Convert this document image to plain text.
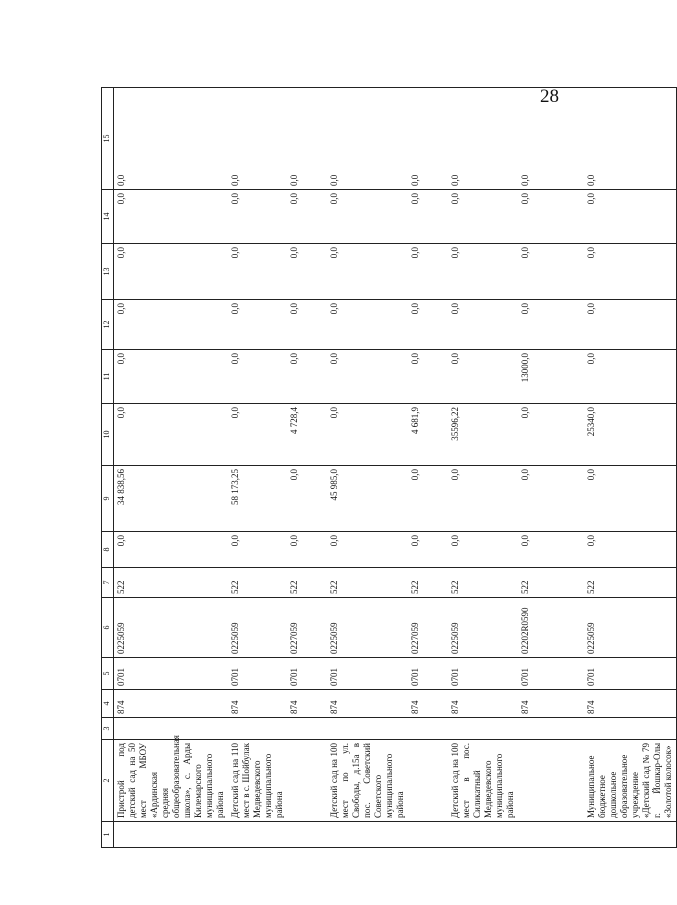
28
1	2	3	4	5	6	7	8	9	10	11	12	13	14	15
	Пристрой под детский сад на 50 мест МБОУ «Ардинская средняя общеобразовательная школа», с. Арды Килемарского муниципального района		874	0701	0225059	522	0,0	34 838,56	0,0	0,0	0,0	0,0	0,0	0,0
	Детский сад на 110 мест в с. Шойбулак Медведевского муниципального района		874	0701	0225059	522	0,0	58 173,25	0,0	0,0	0,0	0,0	0,0	0,0
			874	0701	0227059	522	0,0	0,0	4 728,4	0,0	0,0	0,0	0,0	0,0
	Детский сад на 100 мест по ул. Свободы, д.15а в пос. Советский Советского муниципального района		874	0701	0225059	522	0,0	45 985,0	0,0	0,0	0,0	0,0	0,0	0,0
			874	0701	0227059	522	0,0	0,0	4 681,9	0,0	0,0	0,0	0,0	0,0
	Детский сад на 100 мест в пос. Силикатный Медведевского муниципального района		874	0701	0225059	522	0,0	0,0	35596,22	0,0	0,0	0,0	0,0	0,0
			874	0701	02202R0590	522	0,0	0,0	0,0	13000,0	0,0	0,0	0,0	0,0
	Муниципальное бюджетное дошкольное образовательное учреждение «Детский сад № 79 г. Йошкар-Олы «Золотой колосок»		874	0701	0225059	522	0,0	0,0	25340,0	0,0	0,0	0,0	0,0	0,0
